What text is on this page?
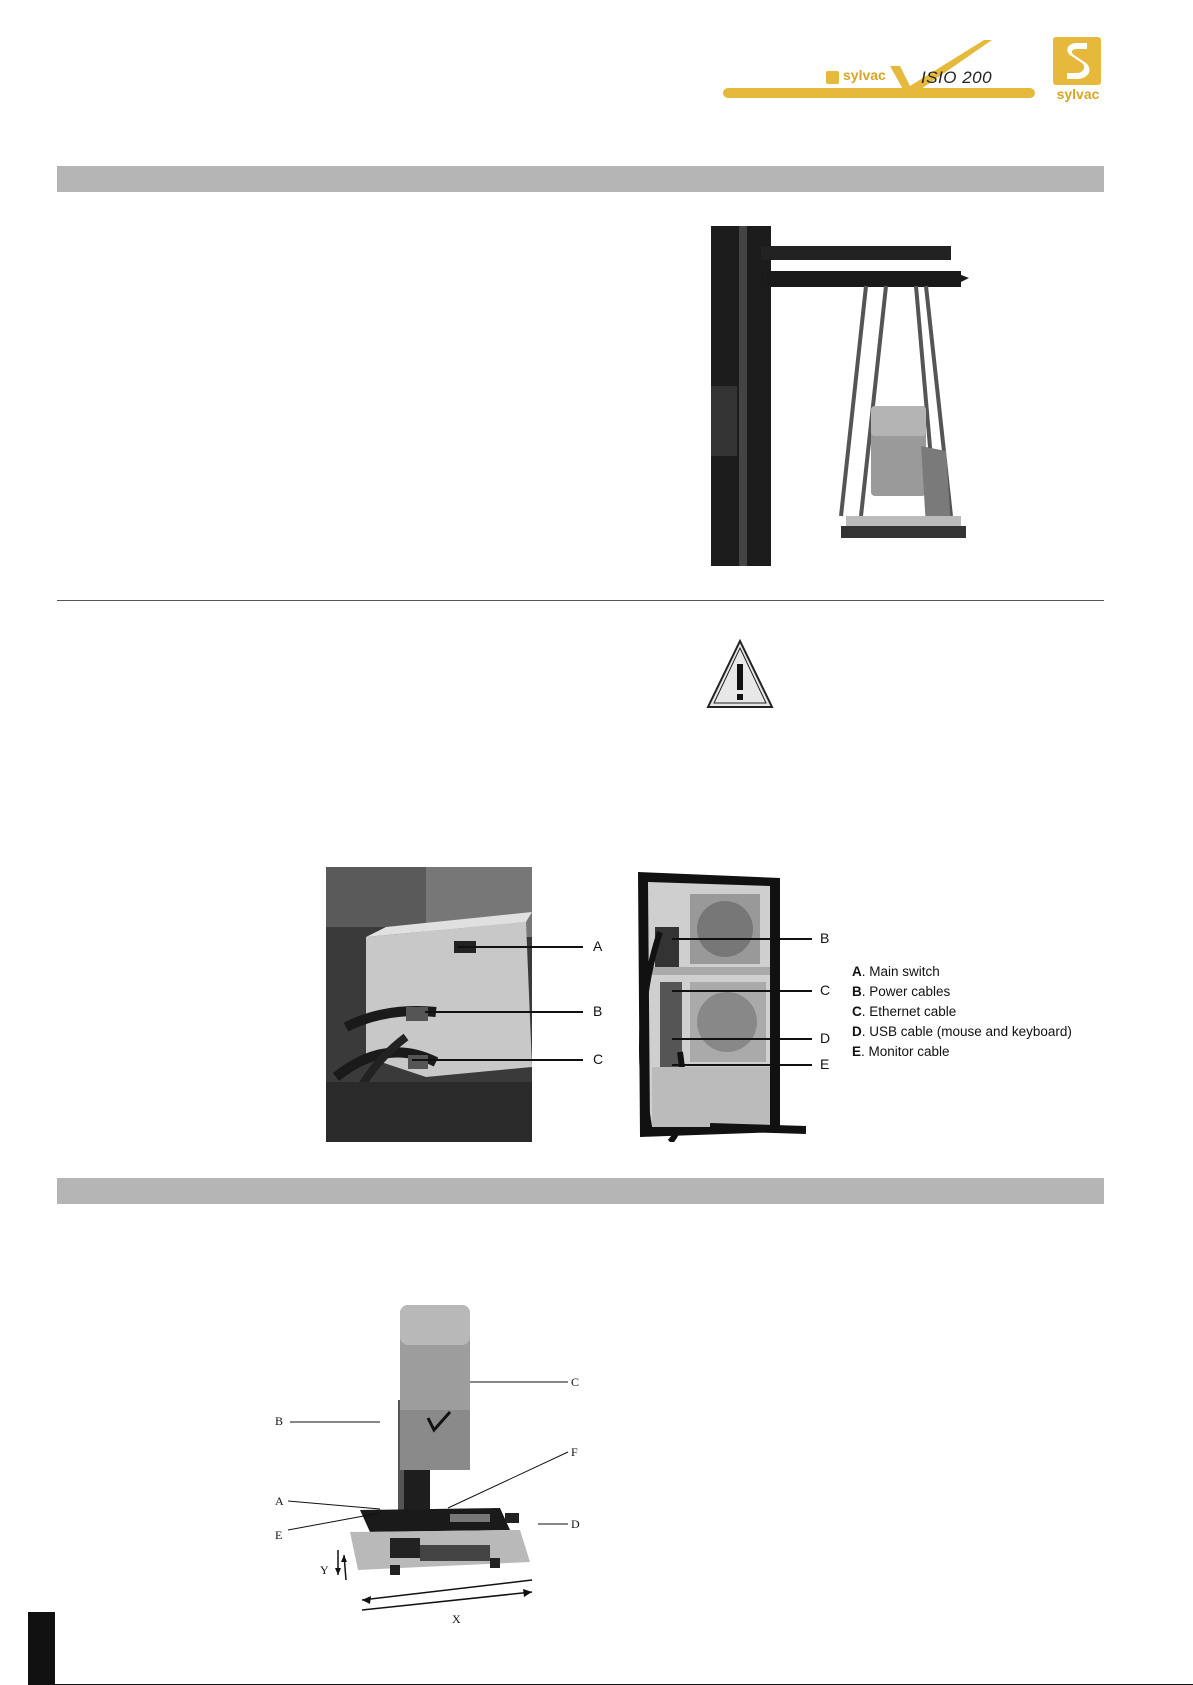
sylvac ISIO 200
sylvac
A
B
C
B
C
D
E
A. Main switch
B. Power cables
C. Ethernet cable
D. USB cable (mouse and keyboard)
E. Monitor cable
C
B
F
A
D
E
Y
X
